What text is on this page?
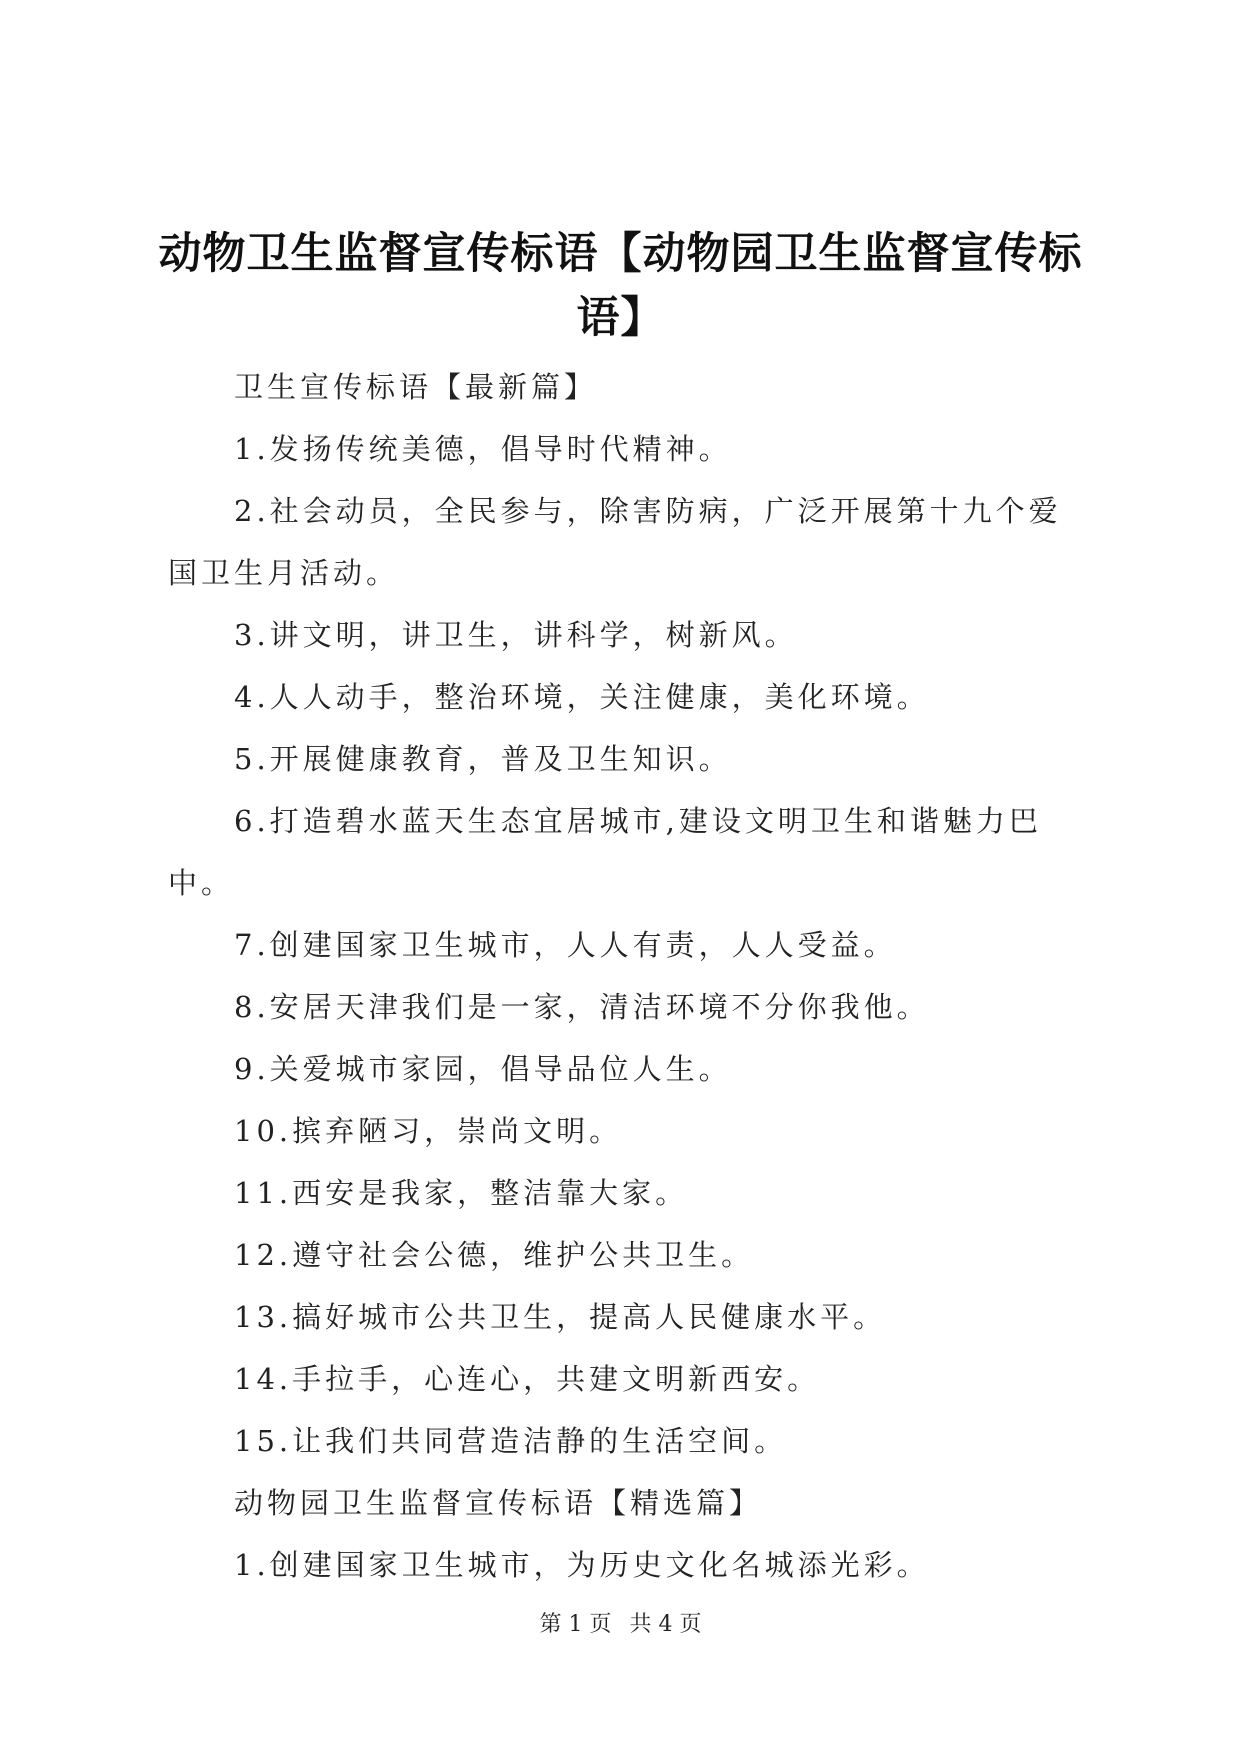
动物卫生监督宣传标语【动物园卫生监督宣传标语】

卫生宣传标语【最新篇】

1.发扬传统美德，倡导时代精神。

2.社会动员，全民参与，除害防病，广泛开展第十九个爱国卫生月活动。

3.讲文明，讲卫生，讲科学，树新风。

4.人人动手，整治环境，关注健康，美化环境。

5.开展健康教育，普及卫生知识。

6.打造碧水蓝天生态宜居城市,建设文明卫生和谐魅力巴中。

7.创建国家卫生城市，人人有责，人人受益。

8.安居天津我们是一家，清洁环境不分你我他。

9.关爱城市家园，倡导品位人生。

10.摈弃陋习，崇尚文明。

11.西安是我家，整洁靠大家。

12.遵守社会公德，维护公共卫生。

13.搞好城市公共卫生，提高人民健康水平。

14.手拉手，心连心，共建文明新西安。

15.让我们共同营造洁静的生活空间。

动物园卫生监督宣传标语【精选篇】

1.创建国家卫生城市，为历史文化名城添光彩。

第 1 页 共 4 页
